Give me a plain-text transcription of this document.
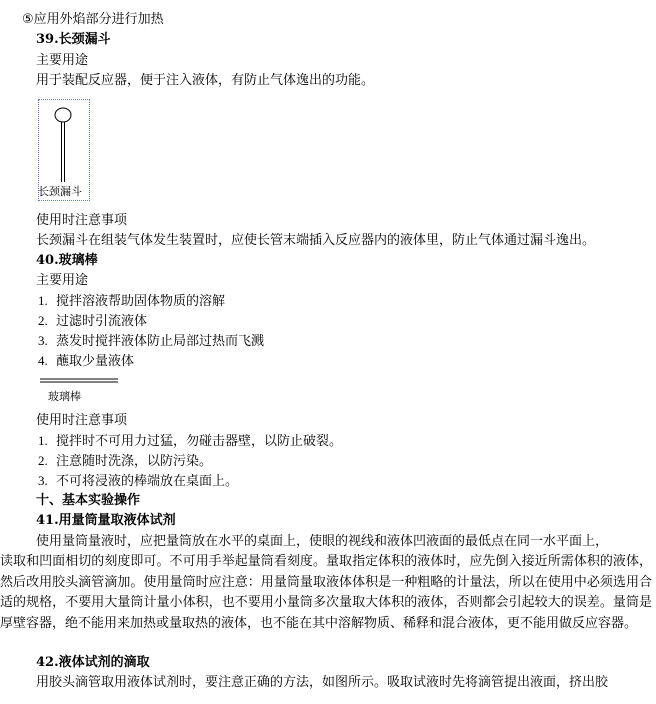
⑤应用外焰部分进行加热
39.长颈漏斗
主要用途
用于装配反应器，便于注入液体，有防止气体逸出的功能。
长颈漏斗
使用时注意事项
长颈漏斗在组装气体发生装置时，应使长管末端插入反应器内的液体里，防止气体通过漏斗逸出。
40.玻璃棒
主要用途
1. 搅拌溶液帮助固体物质的溶解
2. 过滤时引流液体
3. 蒸发时搅拌液体防止局部过热而飞溅
4. 蘸取少量液体
玻璃棒
使用时注意事项
1. 搅拌时不可用力过猛，勿碰击器壁，以防止破裂。
2. 注意随时洗涤，以防污染。
3. 不可将浸液的棒端放在桌面上。
十、基本实验操作
41.用量筒量取液体试剂
使用量筒量液时，应把量筒放在水平的桌面上，使眼的视线和液体凹液面的最低点在同一水平面上，
读取和凹面相切的刻度即可。不可用手举起量筒看刻度。量取指定体积的液体时，应先倒入接近所需体积的液体，然后改用胶头滴管滴加。使用量筒时应注意：用量筒量取液体体积是一种粗略的计量法，所以在使用中必须选用合适的规格，不要用大量筒计量小体积，也不要用小量筒多次量取大体积的液体，否则都会引起较大的误差。量筒是厚壁容器，绝不能用来加热或量取热的液体，也不能在其中溶解物质、稀释和混合液体，更不能用做反应容器。
42.液体试剂的滴取
用胶头滴管取用液体试剂时，要注意正确的方法，如图所示。吸取试液时先将滴管提出液面，挤出胶
